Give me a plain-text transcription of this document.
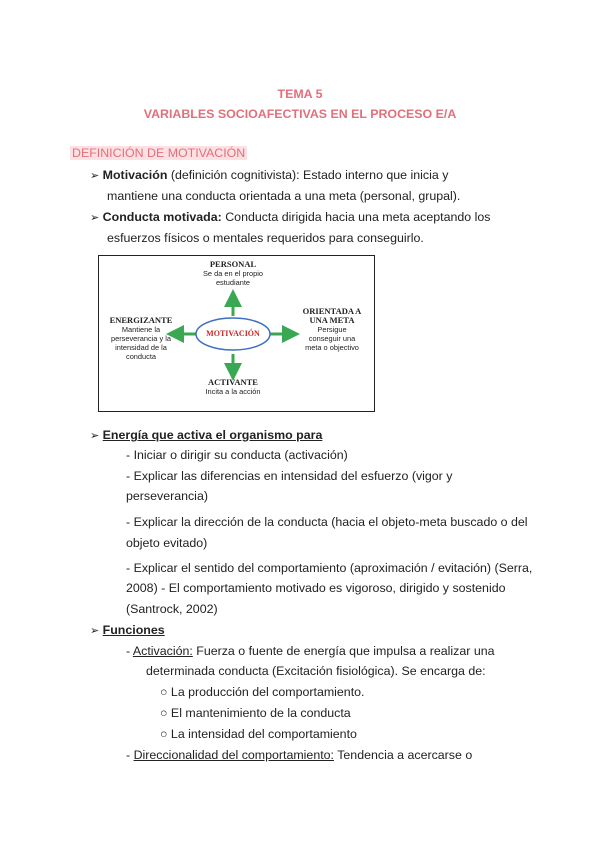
TEMA 5
VARIABLES SOCIOAFECTIVAS EN EL PROCESO E/A
DEFINICIÓN DE MOTIVACIÓN
➢ Motivación (definición cognitivista): Estado interno que inicia y
mantiene una conducta orientada a una meta (personal, grupal).
➢ Conducta motivada: Conducta dirigida hacia una meta aceptando los
esfuerzos físicos o mentales requeridos para conseguirlo.
MOTIVACIÓN
PERSONAL
Se da en el propio
estudiante
ENERGIZANTE
Mantiene la
perseverancia y la
intensidad de la
conducta
ORIENTADA A
UNA META
Persigue
conseguir una
meta o objectivo
ACTIVANTE
Incita a la acción
➢ Energía que activa el organismo para
- Iniciar o dirigir su conducta (activación)
- Explicar las diferencias en intensidad del esfuerzo (vigor y
perseverancia)
- Explicar la dirección de la conducta (hacia el objeto-meta buscado o del
objeto evitado)
- Explicar el sentido del comportamiento (aproximación / evitación) (Serra,
2008) - El comportamiento motivado es vigoroso, dirigido y sostenido
(Santrock, 2002)
➢ Funciones
- Activación: Fuerza o fuente de energía que impulsa a realizar una
determinada conducta (Excitación fisiológica). Se encarga de:
○ La producción del comportamiento.
○ El mantenimiento de la conducta
○ La intensidad del comportamiento
- Direccionalidad del comportamiento: Tendencia a acercarse o
